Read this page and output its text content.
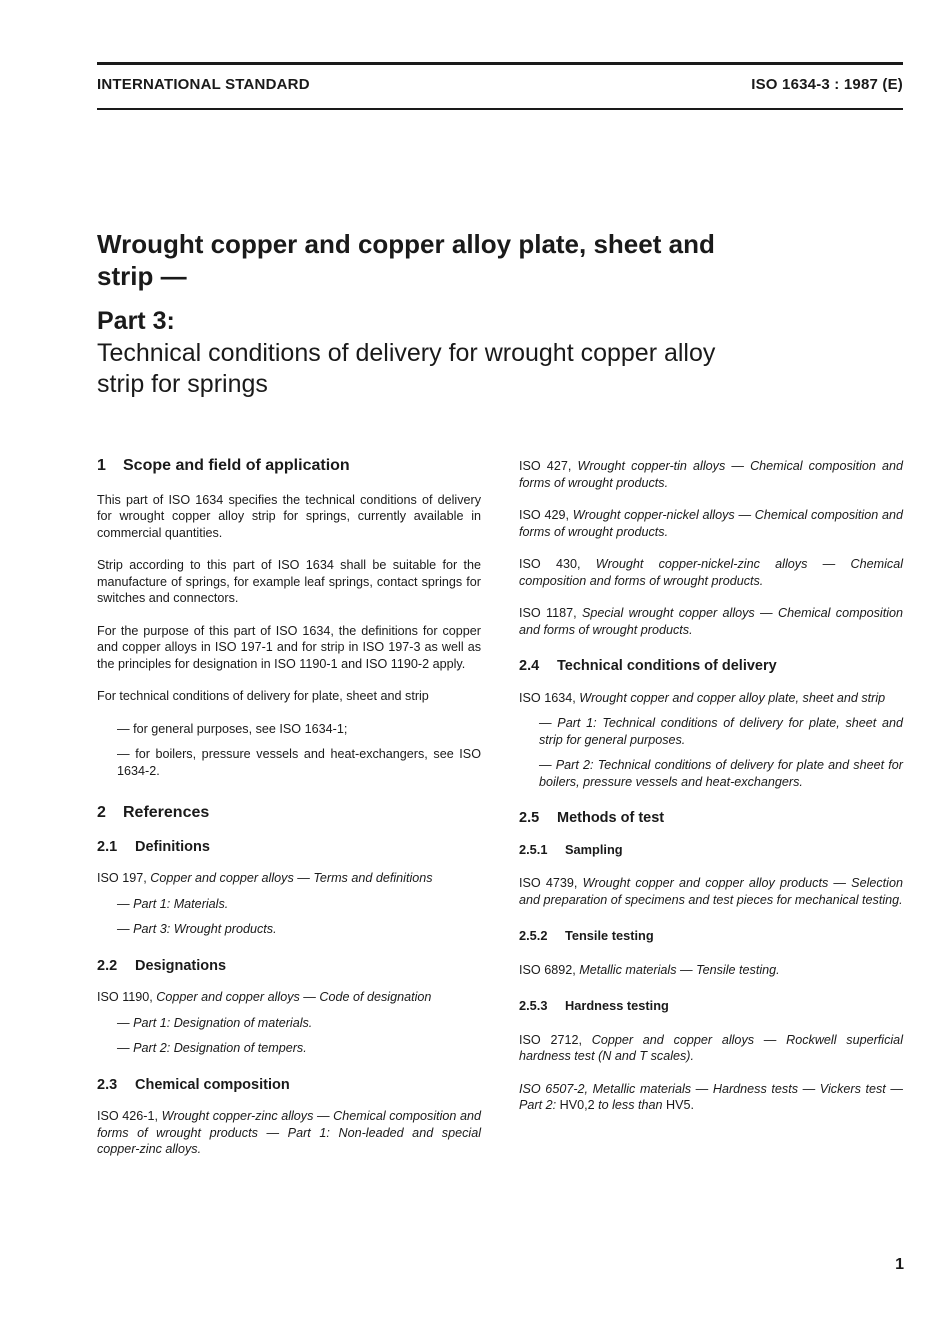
INTERNATIONAL STANDARD	ISO 1634-3 : 1987 (E)
Wrought copper and copper alloy plate, sheet and
strip —
Part 3:
Technical conditions of delivery for wrought copper alloy
strip for springs
1 Scope and field of application

This part of ISO 1634 specifies the technical conditions of delivery for wrought copper alloy strip for springs, currently available in commercial quantities.

Strip according to this part of ISO 1634 shall be suitable for the manufacture of springs, for example leaf springs, contact springs for switches and connectors.

For the purpose of this part of ISO 1634, the definitions for copper and copper alloys in ISO 197-1 and for strip in ISO 197-3 as well as the principles for designation in ISO 1190-1 and ISO 1190-2 apply.

For technical conditions of delivery for plate, sheet and strip

— for general purposes, see ISO 1634-1;
— for boilers, pressure vessels and heat-exchangers, see ISO 1634-2.
2 References
2.1 Definitions
ISO 197, Copper and copper alloys — Terms and definitions
— Part 1: Materials.
— Part 3: Wrought products.
2.2 Designations
ISO 1190, Copper and copper alloys — Code of designation
— Part 1: Designation of materials.
— Part 2: Designation of tempers.
2.3 Chemical composition

ISO 426-1, Wrought copper-zinc alloys — Chemical composition and forms of wrought products — Part 1: Non-leaded and special copper-zinc alloys.

ISO 427, Wrought copper-tin alloys — Chemical composition and forms of wrought products.

ISO 429, Wrought copper-nickel alloys — Chemical composition and forms of wrought products.

ISO 430, Wrought copper-nickel-zinc alloys — Chemical composition and forms of wrought products.

ISO 1187, Special wrought copper alloys — Chemical composition and forms of wrought products.

2.4 Technical conditions of delivery

ISO 1634, Wrought copper and copper alloy plate, sheet and strip

— Part 1: Technical conditions of delivery for plate, sheet and strip for general purposes.
— Part 2: Technical conditions of delivery for plate and sheet for boilers, pressure vessels and heat-exchangers.
2.5 Methods of test
2.5.1 Sampling

ISO 4739, Wrought copper and copper alloy products — Selection and preparation of specimens and test pieces for mechanical testing.

2.5.2 Tensile testing

ISO 6892, Metallic materials — Tensile testing.

2.5.3 Hardness testing

ISO 2712, Copper and copper alloys — Rockwell superficial hardness test (N and T scales).

ISO 6507-2, Metallic materials — Hardness tests — Vickers test — Part 2: HV0,2 to less than HV5.

1
